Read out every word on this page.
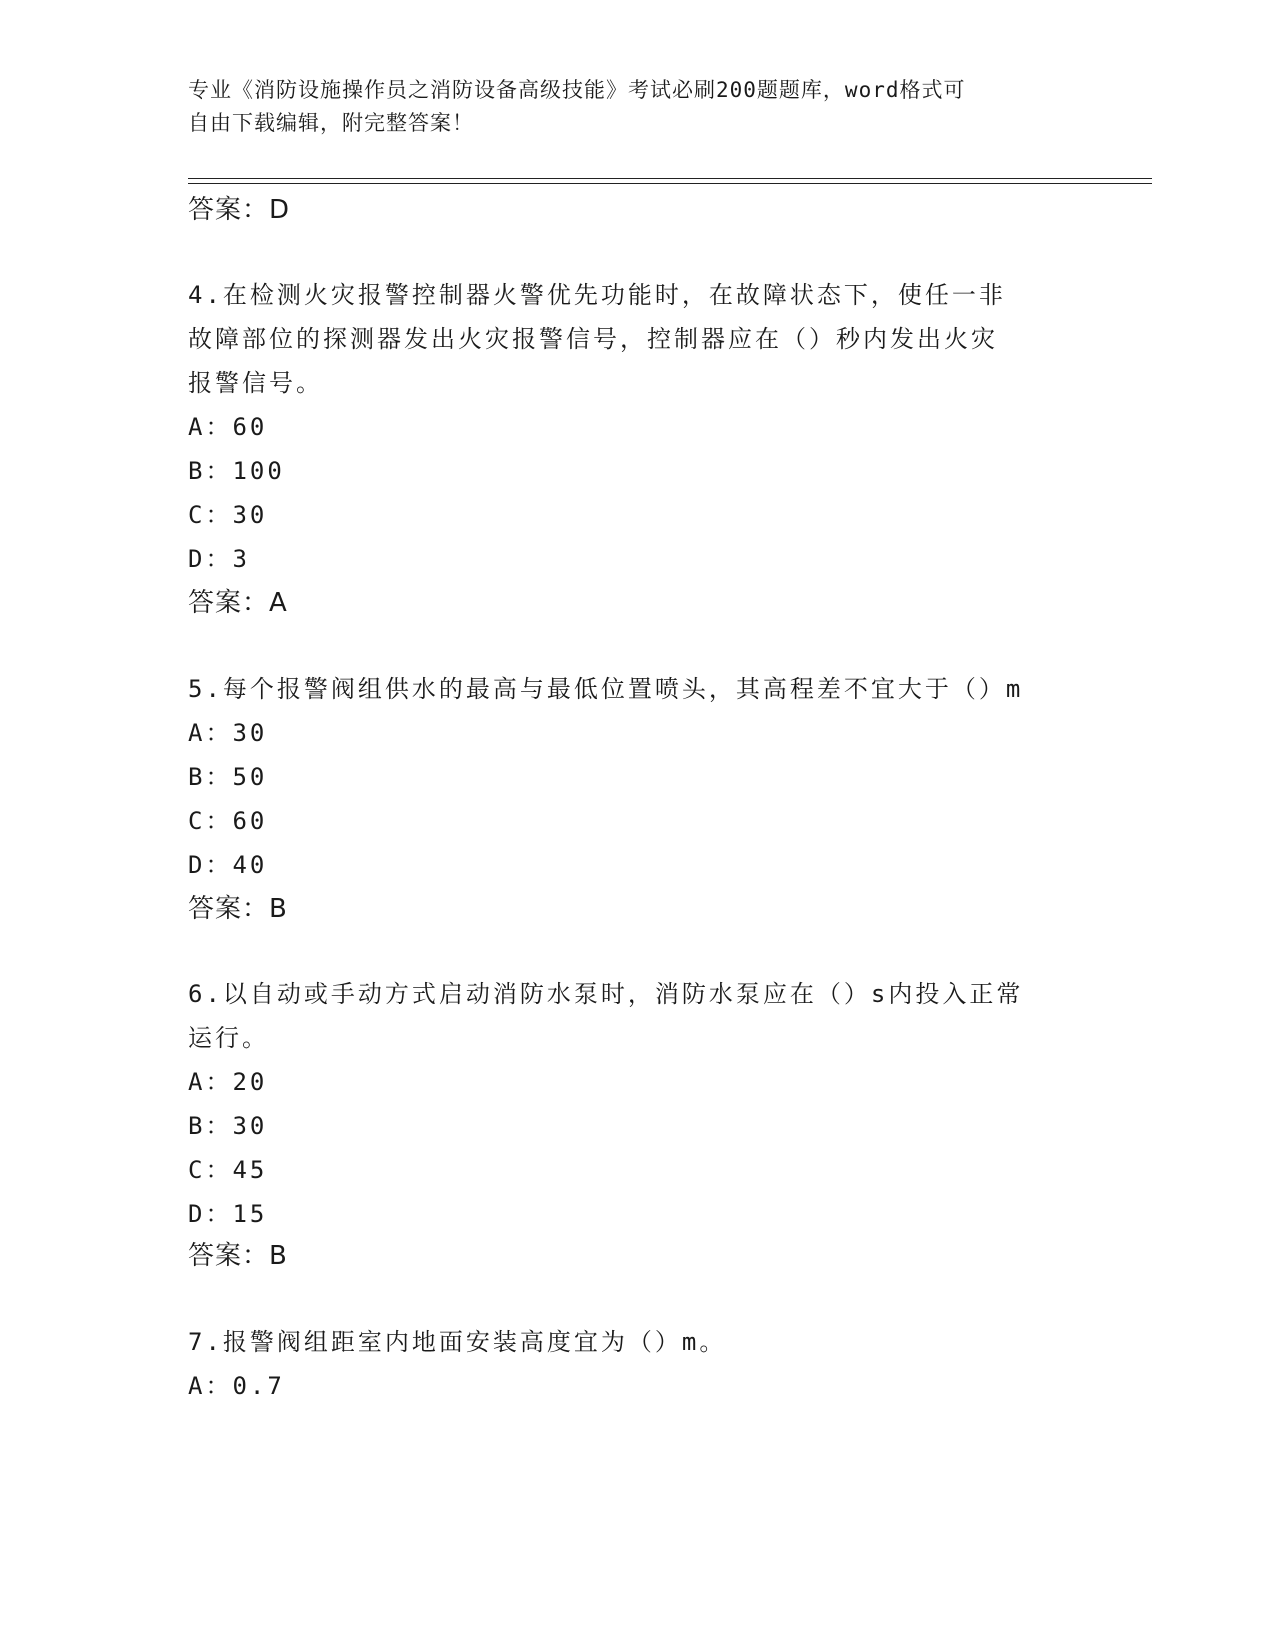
专业《消防设施操作员之消防设备高级技能》考试必刷200题题库，word格式可
自由下载编辑，附完整答案！
答案：D
4.在检测火灾报警控制器火警优先功能时，在故障状态下，使任一非
故障部位的探测器发出火灾报警信号，控制器应在（）秒内发出火灾
报警信号。
A：60
B：100
C：30
D：3
答案：A
5.每个报警阀组供水的最高与最低位置喷头，其高程差不宜大于（）m
A：30
B：50
C：60
D：40
答案：B
6.以自动或手动方式启动消防水泵时，消防水泵应在（）s内投入正常
运行。
A：20
B：30
C：45
D：15
答案：B
7.报警阀组距室内地面安装高度宜为（）m。
A：0.7
